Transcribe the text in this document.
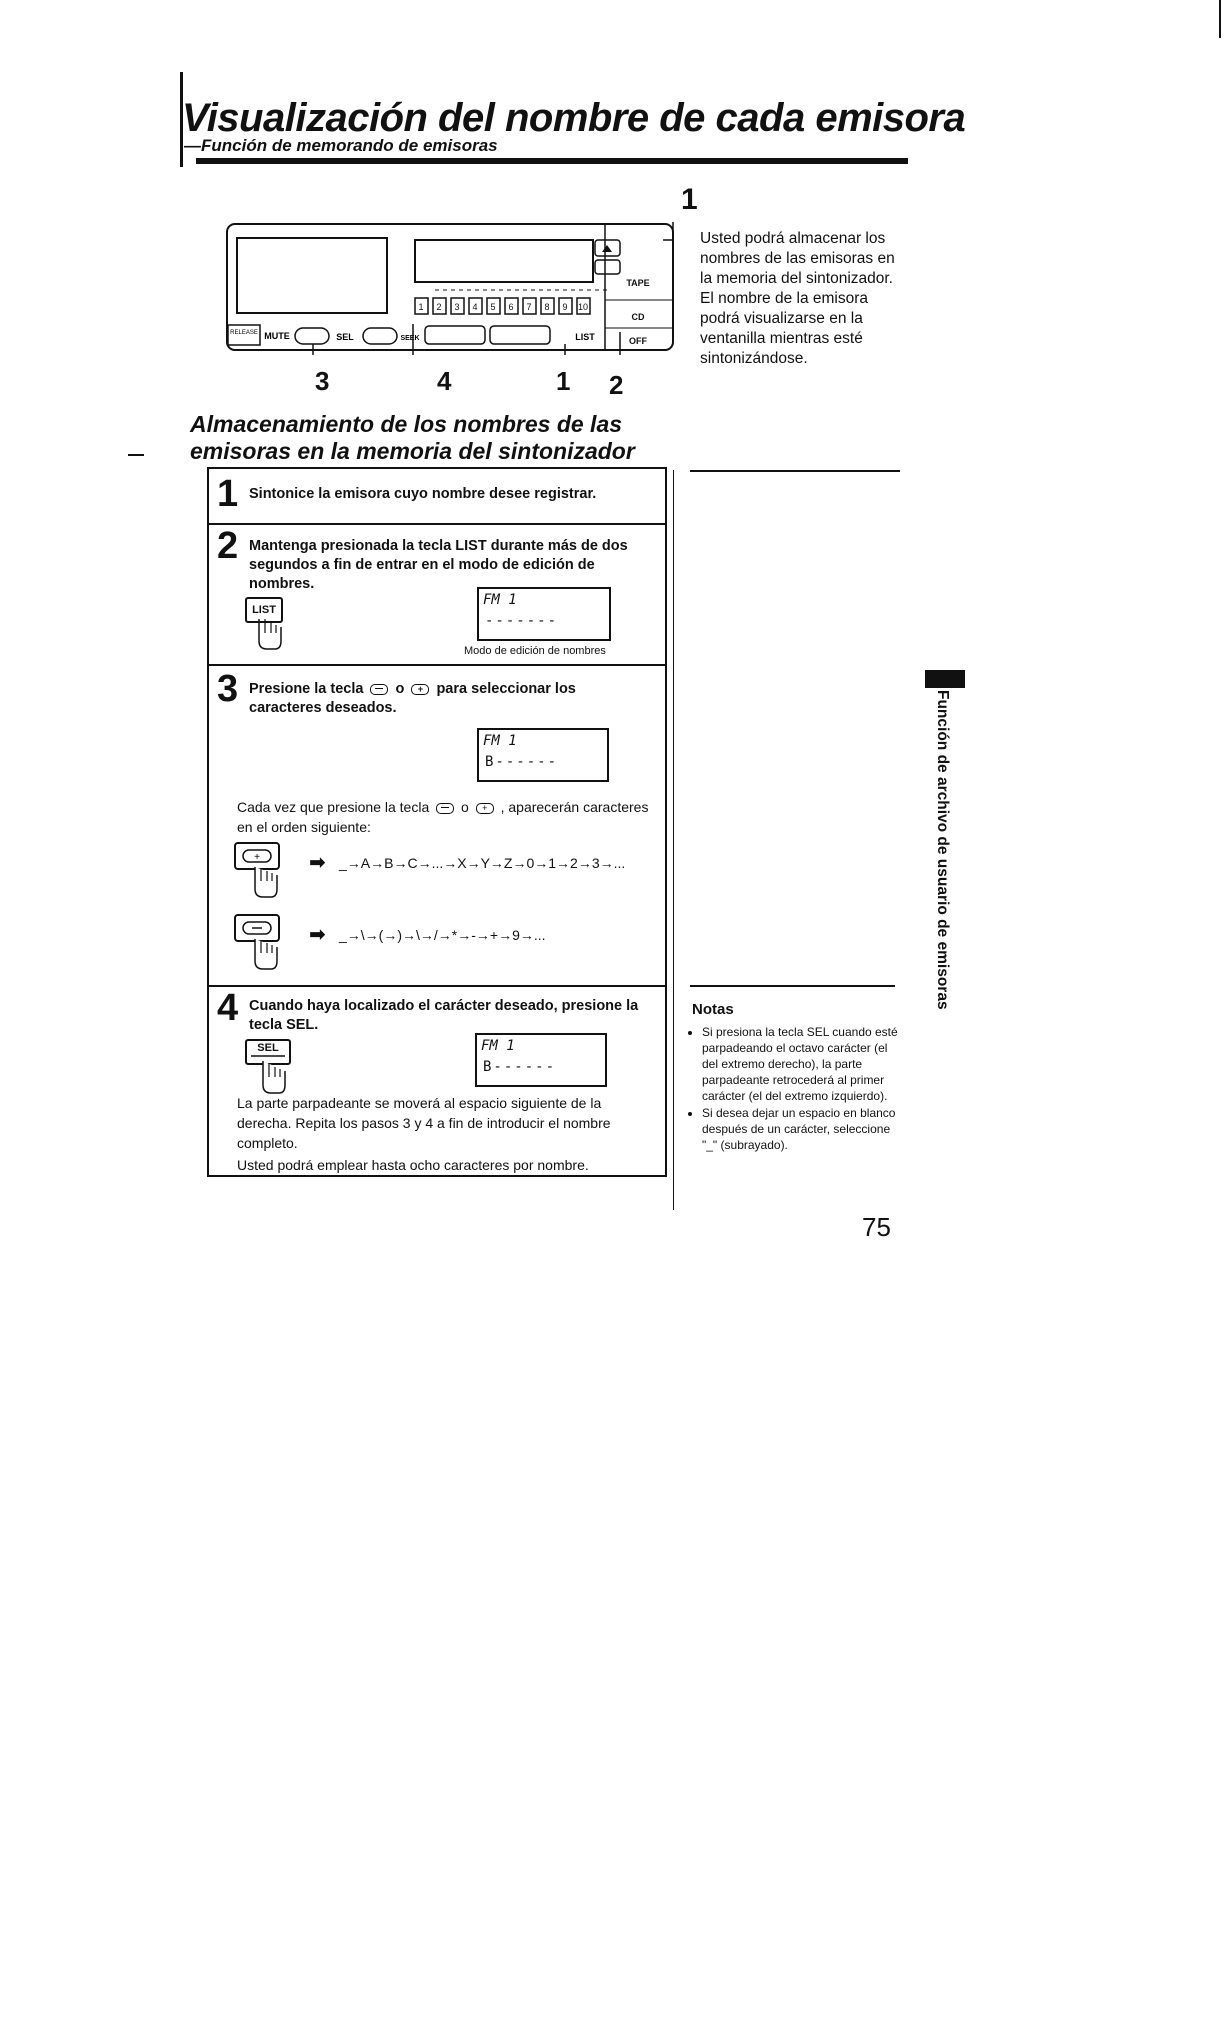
Visualización del nombre de cada emisora
—Función de memorando de emisoras
1 2 3 4 5 6 7 8 9 10
RELEASE MUTE	SEL	SEEK	LIST
TAPE
CD
OFF
1
3	4	1 2
Usted podrá almacenar los nombres de las emisoras en la memoria del sintonizador. El nombre de la emisora podrá visualizarse en la ventanilla mientras esté sintonizándose.
Almacenamiento de los nombres de las emisoras en la memoria del sintonizador
1 Sintonice la emisora cuyo nombre desee registrar.
2 Mantenga presionada la tecla LIST durante más de dos segundos a fin de entrar en el modo de edición de nombres.
LIST
FM 1
-------
Modo de edición de nombres
3 Presione la tecla o + para seleccionar los caracteres deseados.
FM 1
B------
Cada vez que presione la tecla o + , aparecerán caracteres en el orden siguiente:
+ ➡ _→A→B→C→...→X→Y→Z→0→1→2→3→...
➡ _→\→(→)→\→/→*→-→+→9→...
4 Cuando haya localizado el carácter deseado, presione la tecla SEL.
SEL	FM 1
B------
La parte parpadeante se moverá al espacio siguiente de la derecha. Repita los pasos 3 y 4 a fin de introducir el nombre completo.
Usted podrá emplear hasta ocho caracteres por nombre.
Notas
• Si presiona la tecla SEL cuando esté parpadeando el octavo carácter (el del extremo derecho), la parte parpadeante retrocederá al primer carácter (el del extremo izquierdo).
• Si desea dejar un espacio en blanco después de un carácter, seleccione "_" (subrayado).
75
Función de archivo de usuario de emisoras
